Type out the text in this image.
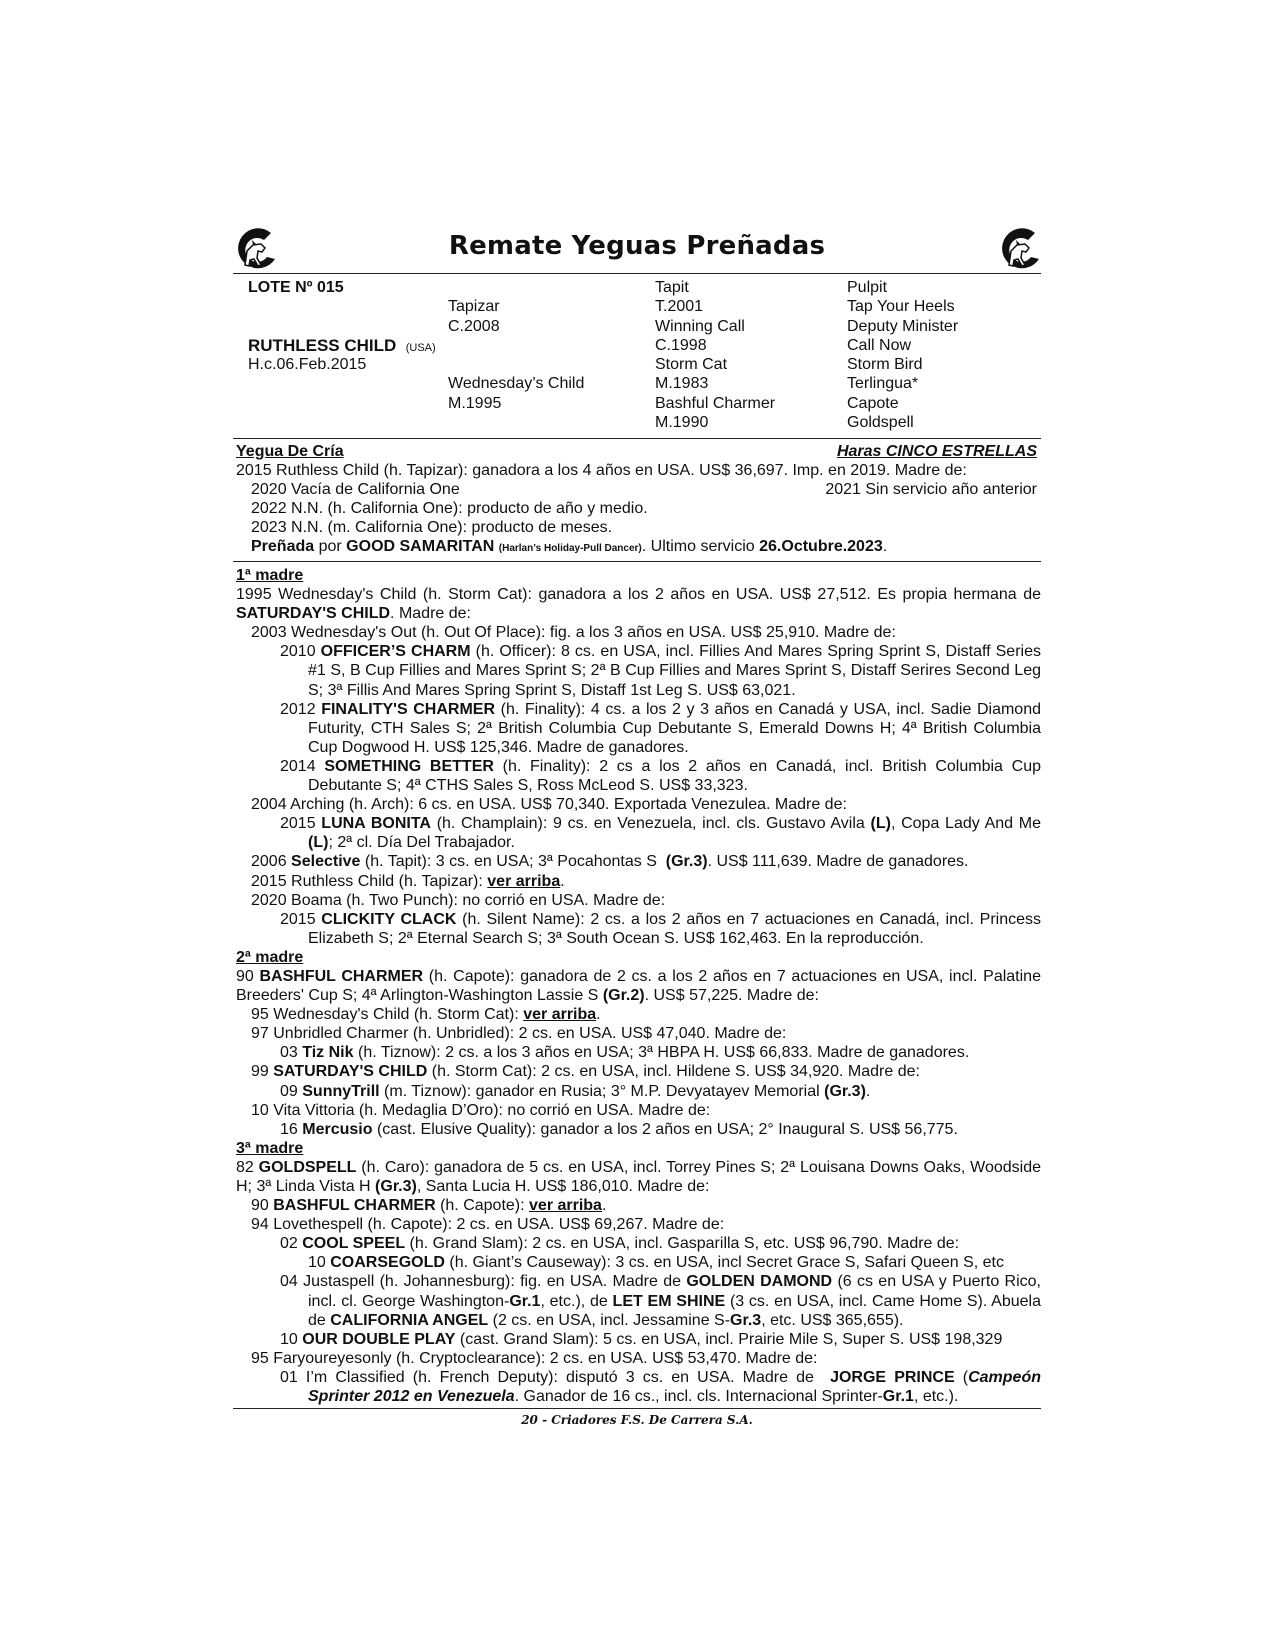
Remate Yeguas Preñadas
LOTE Nº 015
RUTHLESS CHILD (USA)
H.c.06.Feb.2015
Tapizar
C.2008
Wednesday’s Child
M.1995
Tapit
T.2001
Winning Call
C.1998
Storm Cat
M.1983
Bashful Charmer
M.1990
Pulpit
Tap Your Heels
Deputy Minister
Call Now
Storm Bird
Terlingua*
Capote
Goldspell
Yegua De Cría	Haras CINCO ESTRELLAS
2015 Ruthless Child (h. Tapizar): ganadora a los 4 años en USA. US$ 36,697. Imp. en 2019. Madre de:
2020 Vacía de California One	2021 Sin servicio año anterior
2022 N.N. (h. California One): producto de año y medio.
2023 N.N. (m. California One): producto de meses.
Preñada por GOOD SAMARITAN (Harlan’s Holiday-Pull Dancer). Ultimo servicio 26.Octubre.2023.

1ª madre

1995 Wednesday's Child (h. Storm Cat): ganadora a los 2 años en USA. US$ 27,512. Es propia hermana de SATURDAY'S CHILD. Madre de:

2003 Wednesday's Out (h. Out Of Place): fig. a los 3 años en USA. US$ 25,910. Madre de:

2010 OFFICER’S CHARM (h. Officer): 8 cs. en USA, incl. Fillies And Mares Spring Sprint S, Distaff Series #1 S, B Cup Fillies and Mares Sprint S; 2ª B Cup Fillies and Mares Sprint S, Distaff Serires Second Leg S; 3ª Fillis And Mares Spring Sprint S, Distaff 1st Leg S. US$ 63,021.

2012 FINALITY'S CHARMER (h. Finality): 4 cs. a los 2 y 3 años en Canadá y USA, incl. Sadie Diamond Futurity, CTH Sales S; 2ª British Columbia Cup Debutante S, Emerald Downs H; 4ª British Columbia Cup Dogwood H. US$ 125,346. Madre de ganadores.

2014 SOMETHING BETTER (h. Finality): 2 cs a los 2 años en Canadá, incl. British Columbia Cup Debutante S; 4ª CTHS Sales S, Ross McLeod S. US$ 33,323.

2004 Arching (h. Arch): 6 cs. en USA. US$ 70,340. Exportada Venezulea. Madre de:

2015 LUNA BONITA (h. Champlain): 9 cs. en Venezuela, incl. cls. Gustavo Avila (L), Copa Lady And Me (L); 2ª cl. Día Del Trabajador.

2006 Selective (h. Tapit): 3 cs. en USA; 3ª Pocahontas S (Gr.3). US$ 111,639. Madre de ganadores.

2015 Ruthless Child (h. Tapizar): ver arriba.

2020 Boama (h. Two Punch): no corrió en USA. Madre de:

2015 CLICKITY CLACK (h. Silent Name): 2 cs. a los 2 años en 7 actuaciones en Canadá, incl. Princess Elizabeth S; 2ª Eternal Search S; 3ª South Ocean S. US$ 162,463. En la reproducción.

2ª madre

90 BASHFUL CHARMER (h. Capote): ganadora de 2 cs. a los 2 años en 7 actuaciones en USA, incl. Palatine Breeders' Cup S; 4ª Arlington-Washington Lassie S (Gr.2). US$ 57,225. Madre de:

95 Wednesday's Child (h. Storm Cat): ver arriba.

97 Unbridled Charmer (h. Unbridled): 2 cs. en USA. US$ 47,040. Madre de:

03 Tiz Nik (h. Tiznow): 2 cs. a los 3 años en USA; 3ª HBPA H. US$ 66,833. Madre de ganadores.

99 SATURDAY'S CHILD (h. Storm Cat): 2 cs. en USA, incl. Hildene S. US$ 34,920. Madre de:

09 SunnyTrill (m. Tiznow): ganador en Rusia; 3° M.P. Devyatayev Memorial (Gr.3).

10 Vita Vittoria (h. Medaglia D’Oro): no corrió en USA. Madre de:

16 Mercusio (cast. Elusive Quality): ganador a los 2 años en USA; 2° Inaugural S. US$ 56,775.

3ª madre

82 GOLDSPELL (h. Caro): ganadora de 5 cs. en USA, incl. Torrey Pines S; 2ª Louisana Downs Oaks, Woodside H; 3ª Linda Vista H (Gr.3), Santa Lucia H. US$ 186,010. Madre de:

90 BASHFUL CHARMER (h. Capote): ver arriba.

94 Lovethespell (h. Capote): 2 cs. en USA. US$ 69,267. Madre de:

02 COOL SPEEL (h. Grand Slam): 2 cs. en USA, incl. Gasparilla S, etc. US$ 96,790. Madre de:

10 COARSEGOLD (h. Giant’s Causeway): 3 cs. en USA, incl Secret Grace S, Safari Queen S, etc

04 Justaspell (h. Johannesburg): fig. en USA. Madre de GOLDEN DAMOND (6 cs en USA y Puerto Rico, incl. cl. George Washington-Gr.1, etc.), de LET EM SHINE (3 cs. en USA, incl. Came Home S). Abuela de CALIFORNIA ANGEL (2 cs. en USA, incl. Jessamine S-Gr.3, etc. US$ 365,655).

10 OUR DOUBLE PLAY (cast. Grand Slam): 5 cs. en USA, incl. Prairie Mile S, Super S. US$ 198,329

95 Faryoureyesonly (h. Cryptoclearance): 2 cs. en USA. US$ 53,470. Madre de:

01 I’m Classified (h. French Deputy): disputó 3 cs. en USA. Madre de JORGE PRINCE (Campeón Sprinter 2012 en Venezuela. Ganador de 16 cs., incl. cls. Internacional Sprinter-Gr.1, etc.).

20 - Criadores F.S. De Carrera S.A.
